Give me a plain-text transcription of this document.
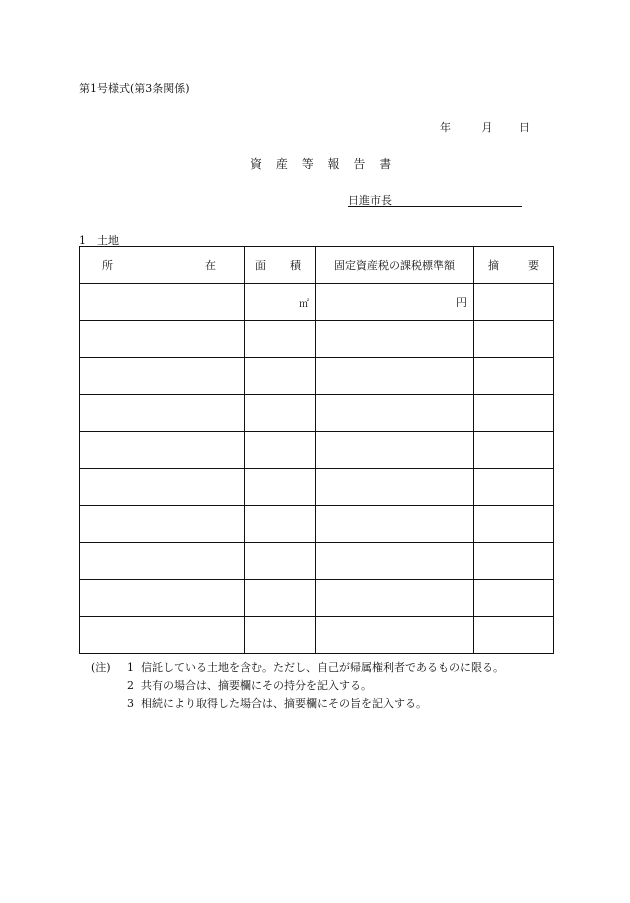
第1号様式(第3条関係)
年	月 日
資 産 等 報 告 書
日進市長
1　土地
所 在	面 積	固定資産税の課税標準額	摘 要

	㎡	円	

(注)	1 信託している土地を含む。ただし、自己が帰属権利者であるものに限る。
2 共有の場合は、摘要欄にその持分を記入する。
3 相続により取得した場合は、摘要欄にその旨を記入する。
